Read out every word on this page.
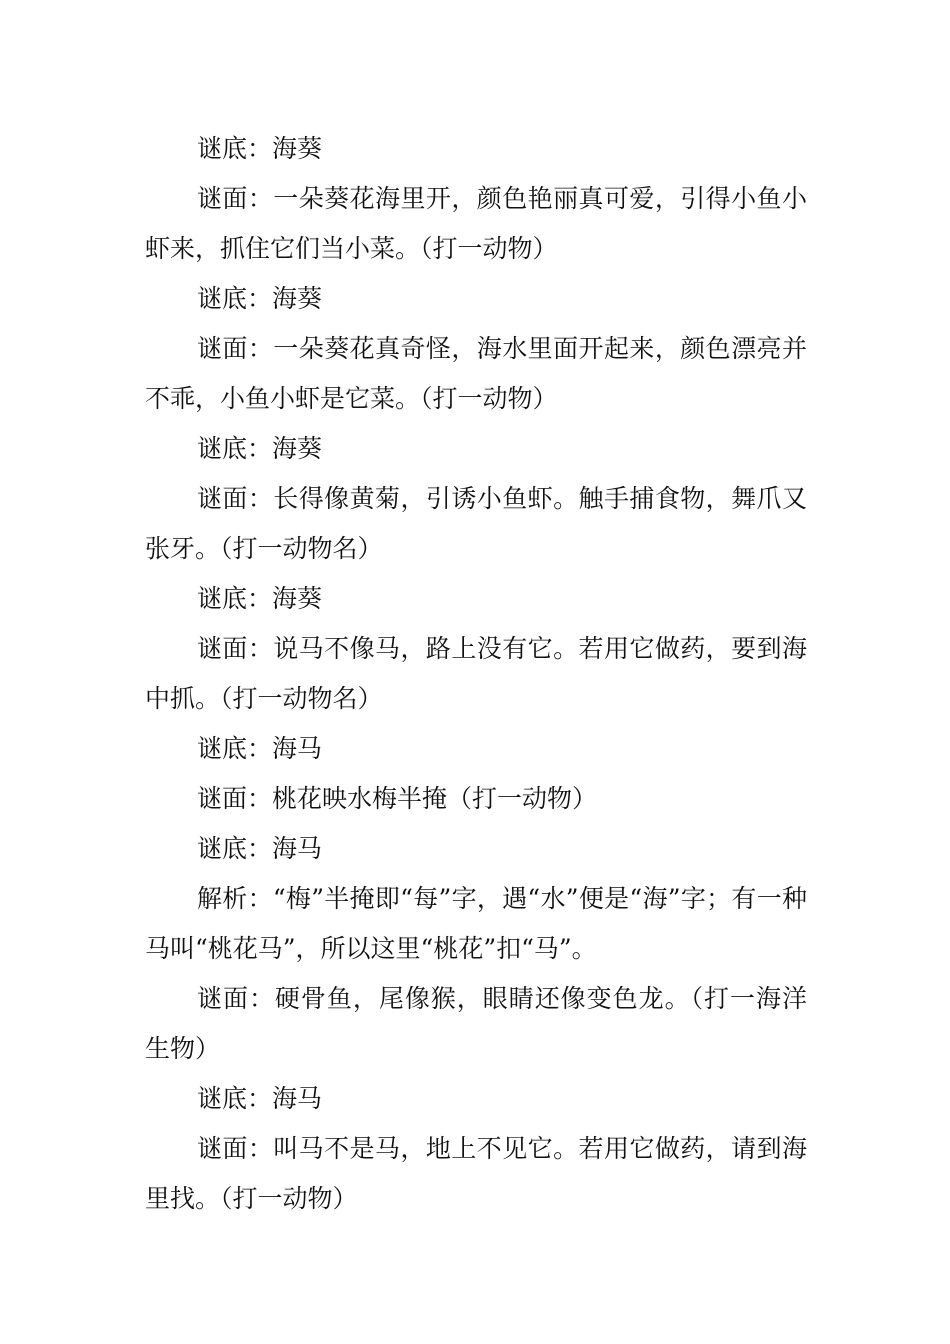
谜底：海葵

谜面：一朵葵花海里开，颜色艳丽真可爱，引得小鱼小虾来，抓住它们当小菜。（打一动物）

谜底：海葵

谜面：一朵葵花真奇怪，海水里面开起来，颜色漂亮并不乖，小鱼小虾是它菜。（打一动物）

谜底：海葵

谜面：长得像黄菊，引诱小鱼虾。触手捕食物，舞爪又张牙。（打一动物名）

谜底：海葵

谜面：说马不像马，路上没有它。若用它做药，要到海中抓。（打一动物名）

谜底：海马

谜面：桃花映水梅半掩（打一动物）

谜底：海马

解析：“梅”半掩即“每”字，遇“水”便是“海”字；有一种马叫“桃花马”，所以这里“桃花”扣“马”。

谜面：硬骨鱼，尾像猴，眼睛还像变色龙。（打一海洋生物）

谜底：海马

谜面：叫马不是马，地上不见它。若用它做药，请到海里找。（打一动物）
